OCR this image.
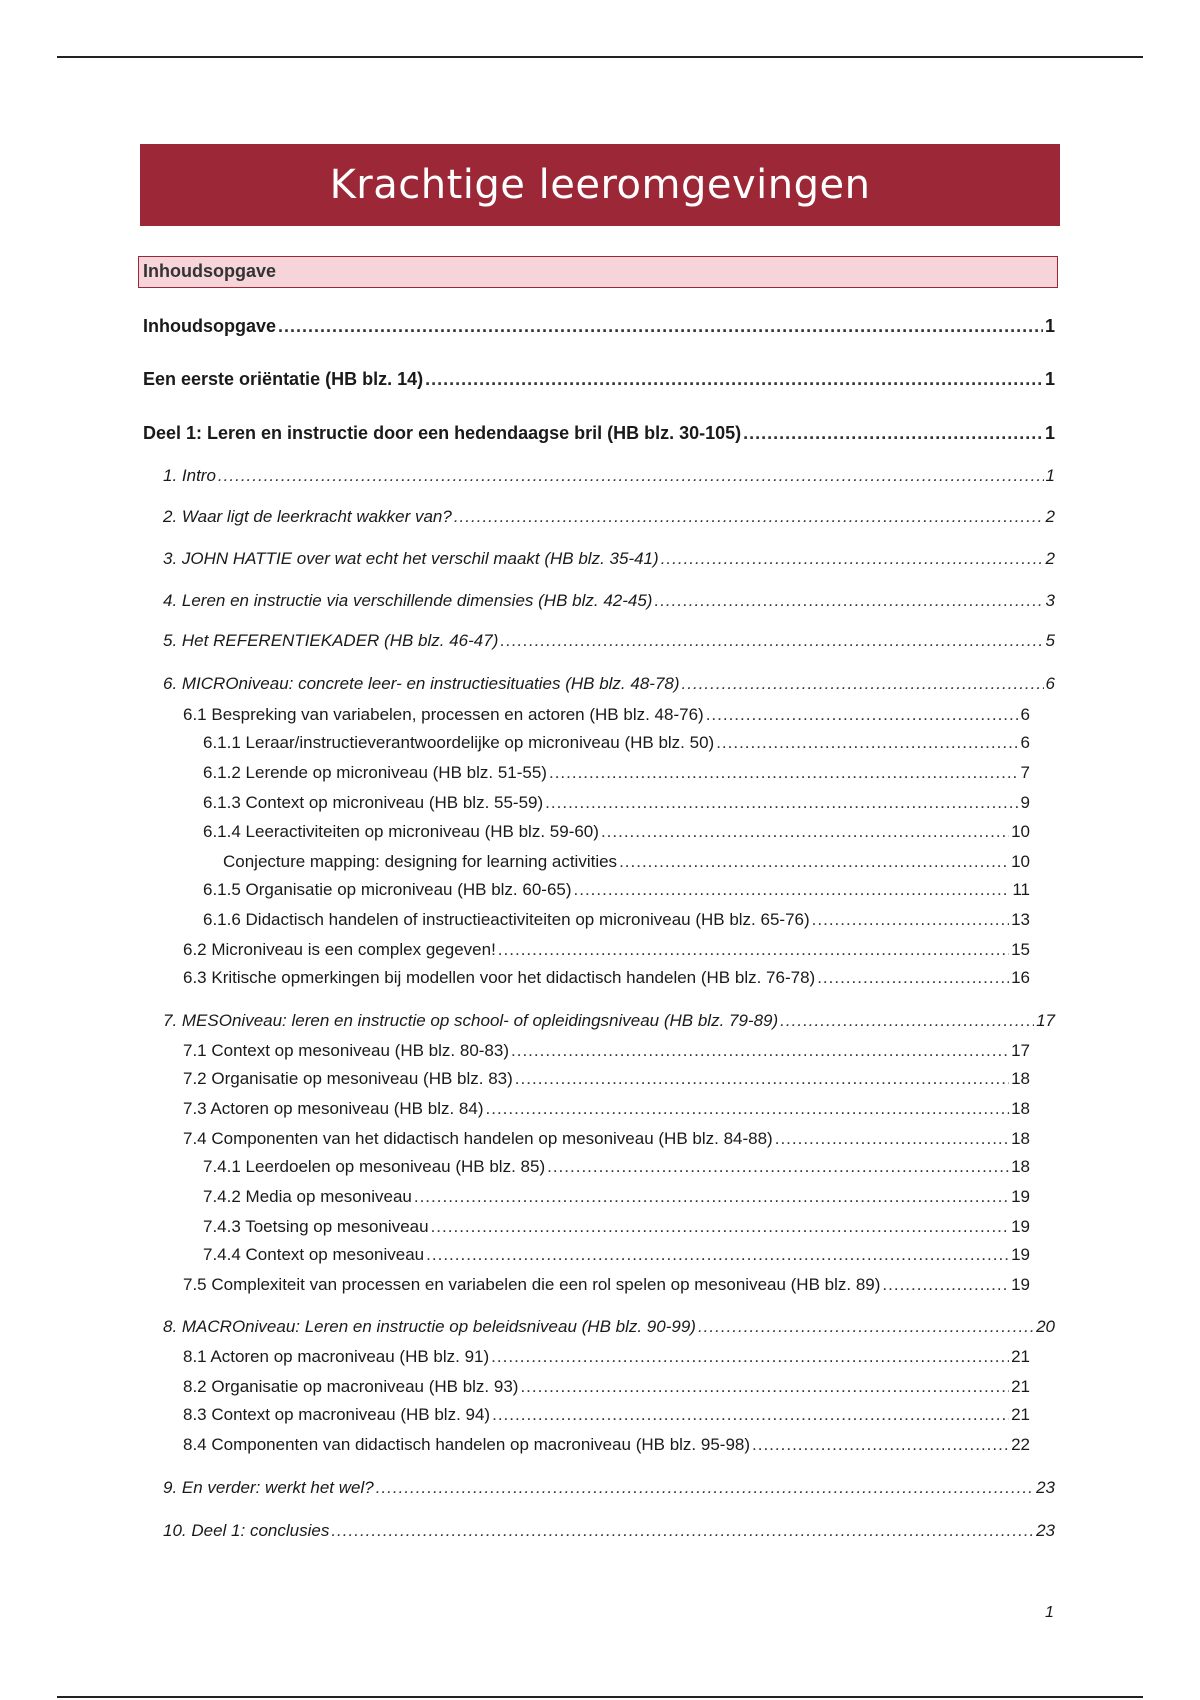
Krachtige leeromgevingen
Inhoudsopgave
Inhoudsopgave .....	1
Een eerste oriëntatie (HB blz. 14) .....	1
Deel 1: Leren en instructie door een hedendaagse bril (HB blz. 30-105) .....	1
1. Intro .....	1
2. Waar ligt de leerkracht wakker van? .....	2
3. JOHN HATTIE over wat echt het verschil maakt (HB blz. 35-41) .....	2
4. Leren en instructie via verschillende dimensies (HB blz. 42-45) .....	3
5. Het REFERENTIEKADER (HB blz. 46-47) .....	5
6. MICROniveau: concrete leer- en instructiesituaties (HB blz. 48-78) .....	6
6.1 Bespreking van variabelen, processen en actoren (HB blz. 48-76) .....	6
6.1.1 Leraar/instructieverantwoordelijke op microniveau (HB blz. 50) .....	6
6.1.2 Lerende op microniveau (HB blz. 51-55) .....	7
6.1.3 Context op microniveau (HB blz. 55-59) .....	9
6.1.4 Leeractiviteiten op microniveau (HB blz. 59-60) .....	10
Conjecture mapping: designing for learning activities .....	10
6.1.5 Organisatie op microniveau (HB blz. 60-65) .....	11
6.1.6 Didactisch handelen of instructieactiviteiten op microniveau (HB blz. 65-76) .....	13
6.2 Microniveau is een complex gegeven! .....	15
6.3 Kritische opmerkingen bij modellen voor het didactisch handelen (HB blz. 76-78) .....	16
7. MESOniveau: leren en instructie op school- of opleidingsniveau (HB blz. 79-89) .....	17
7.1 Context op mesoniveau (HB blz. 80-83) .....	17
7.2 Organisatie op mesoniveau (HB blz. 83) .....	18
7.3 Actoren op mesoniveau (HB blz. 84) .....	18
7.4 Componenten van het didactisch handelen op mesoniveau (HB blz. 84-88) .....	18
7.4.1 Leerdoelen op mesoniveau (HB blz. 85) .....	18
7.4.2 Media op mesoniveau .....	19
7.4.3 Toetsing op mesoniveau .....	19
7.4.4 Context op mesoniveau .....	19
7.5 Complexiteit van processen en variabelen die een rol spelen op mesoniveau (HB blz. 89) .....	19
8. MACROniveau: Leren en instructie op beleidsniveau (HB blz. 90-99) .....	20
8.1 Actoren op macroniveau (HB blz. 91) .....	21
8.2 Organisatie op macroniveau (HB blz. 93) .....	21
8.3 Context op macroniveau (HB blz. 94) .....	21
8.4 Componenten van didactisch handelen op macroniveau (HB blz. 95-98) .....	22
9. En verder: werkt het wel? .....	23
10. Deel 1: conclusies .....	23
1
